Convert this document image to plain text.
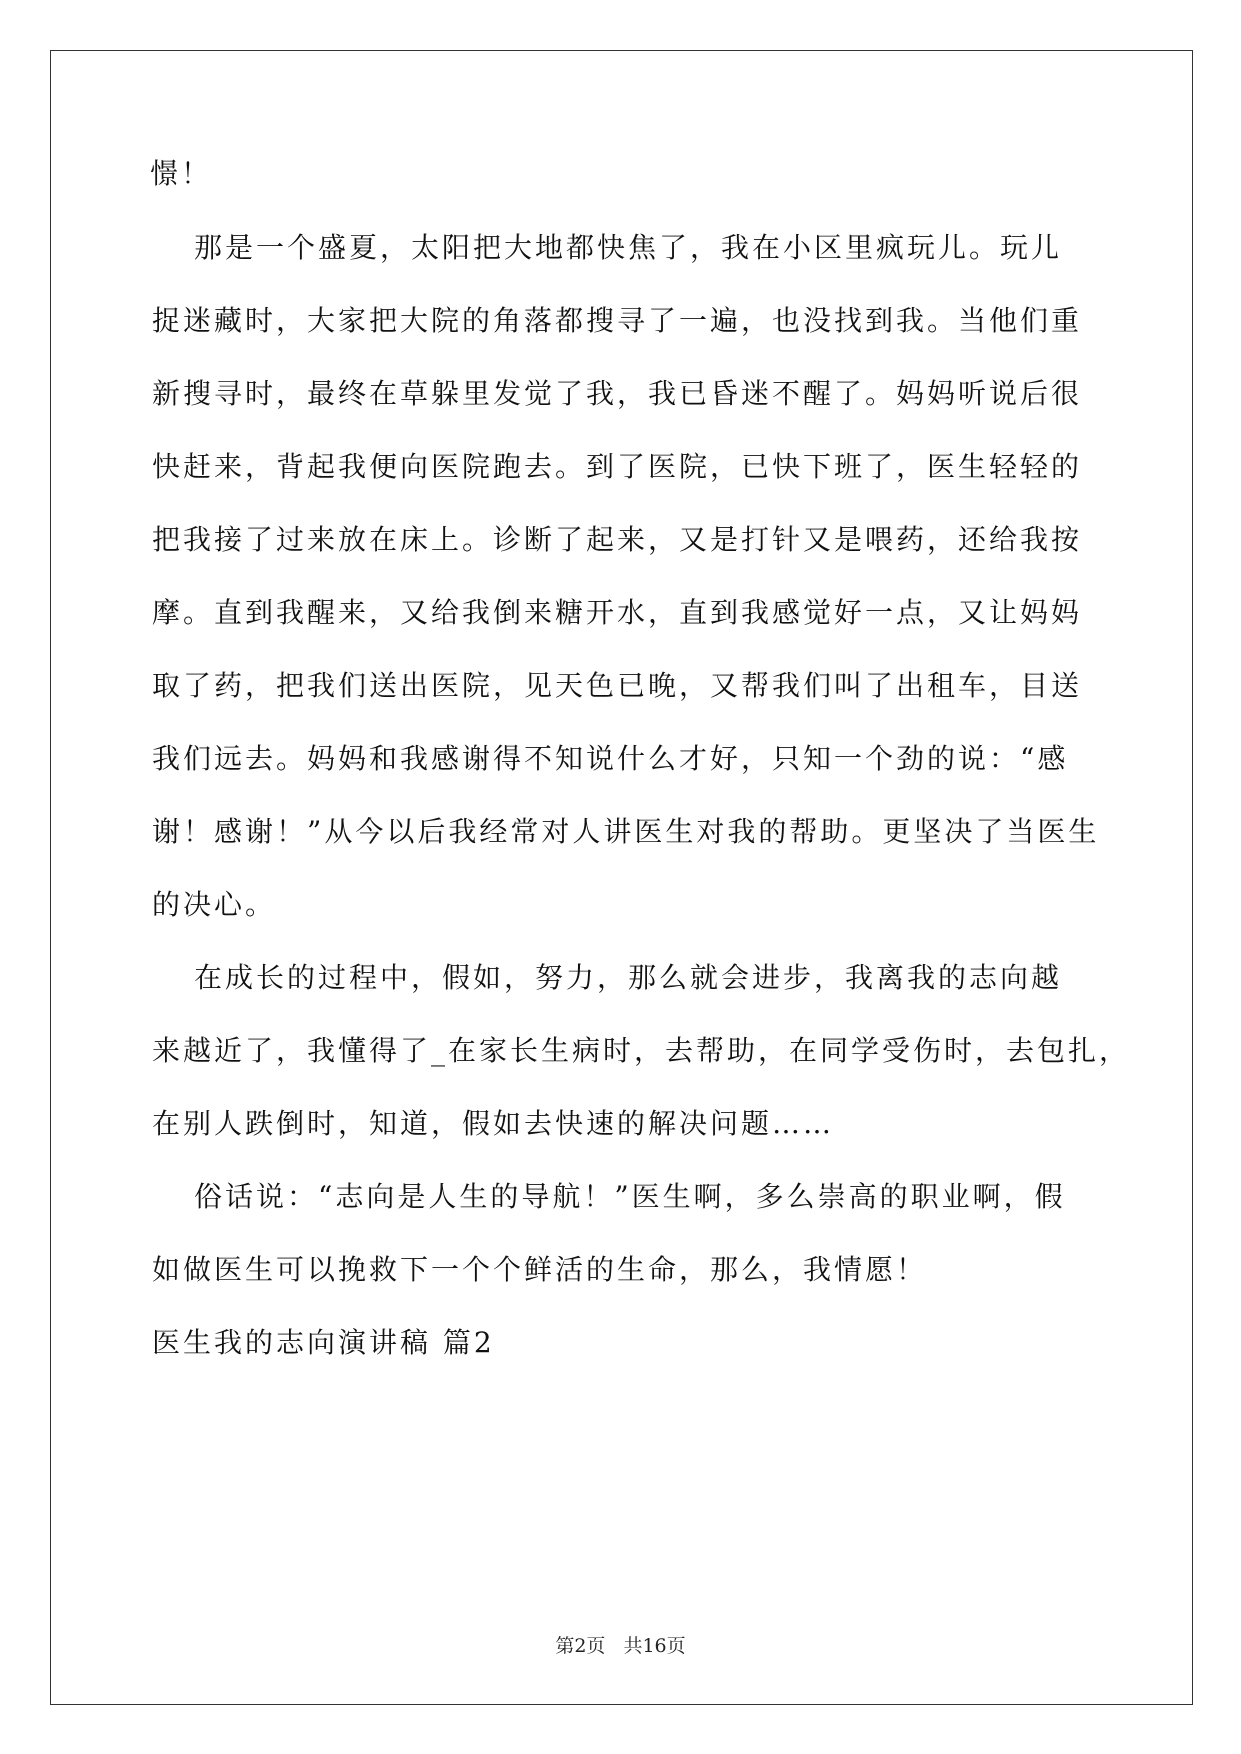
憬！
那是一个盛夏，太阳把大地都快焦了，我在小区里疯玩儿。玩儿
捉迷藏时，大家把大院的角落都搜寻了一遍，也没找到我。当他们重
新搜寻时，最终在草躲里发觉了我，我已昏迷不醒了。妈妈听说后很
快赶来，背起我便向医院跑去。到了医院，已快下班了，医生轻轻的
把我接了过来放在床上。诊断了起来，又是打针又是喂药，还给我按
摩。直到我醒来，又给我倒来糖开水，直到我感觉好一点，又让妈妈
取了药，把我们送出医院，见天色已晚，又帮我们叫了出租车，目送
我们远去。妈妈和我感谢得不知说什么才好，只知一个劲的说：“感
谢！感谢！”从今以后我经常对人讲医生对我的帮助。更坚决了当医生
的决心。
在成长的过程中，假如，努力，那么就会进步，我离我的志向越
来越近了，我懂得了_在家长生病时，去帮助，在同学受伤时，去包扎，
在别人跌倒时，知道，假如去快速的解决问题……
俗话说：“志向是人生的导航！”医生啊，多么崇高的职业啊，假
如做医生可以挽救下一个个鲜活的生命，那么，我情愿！
医生我的志向演讲稿 篇2
第2页 共16页
